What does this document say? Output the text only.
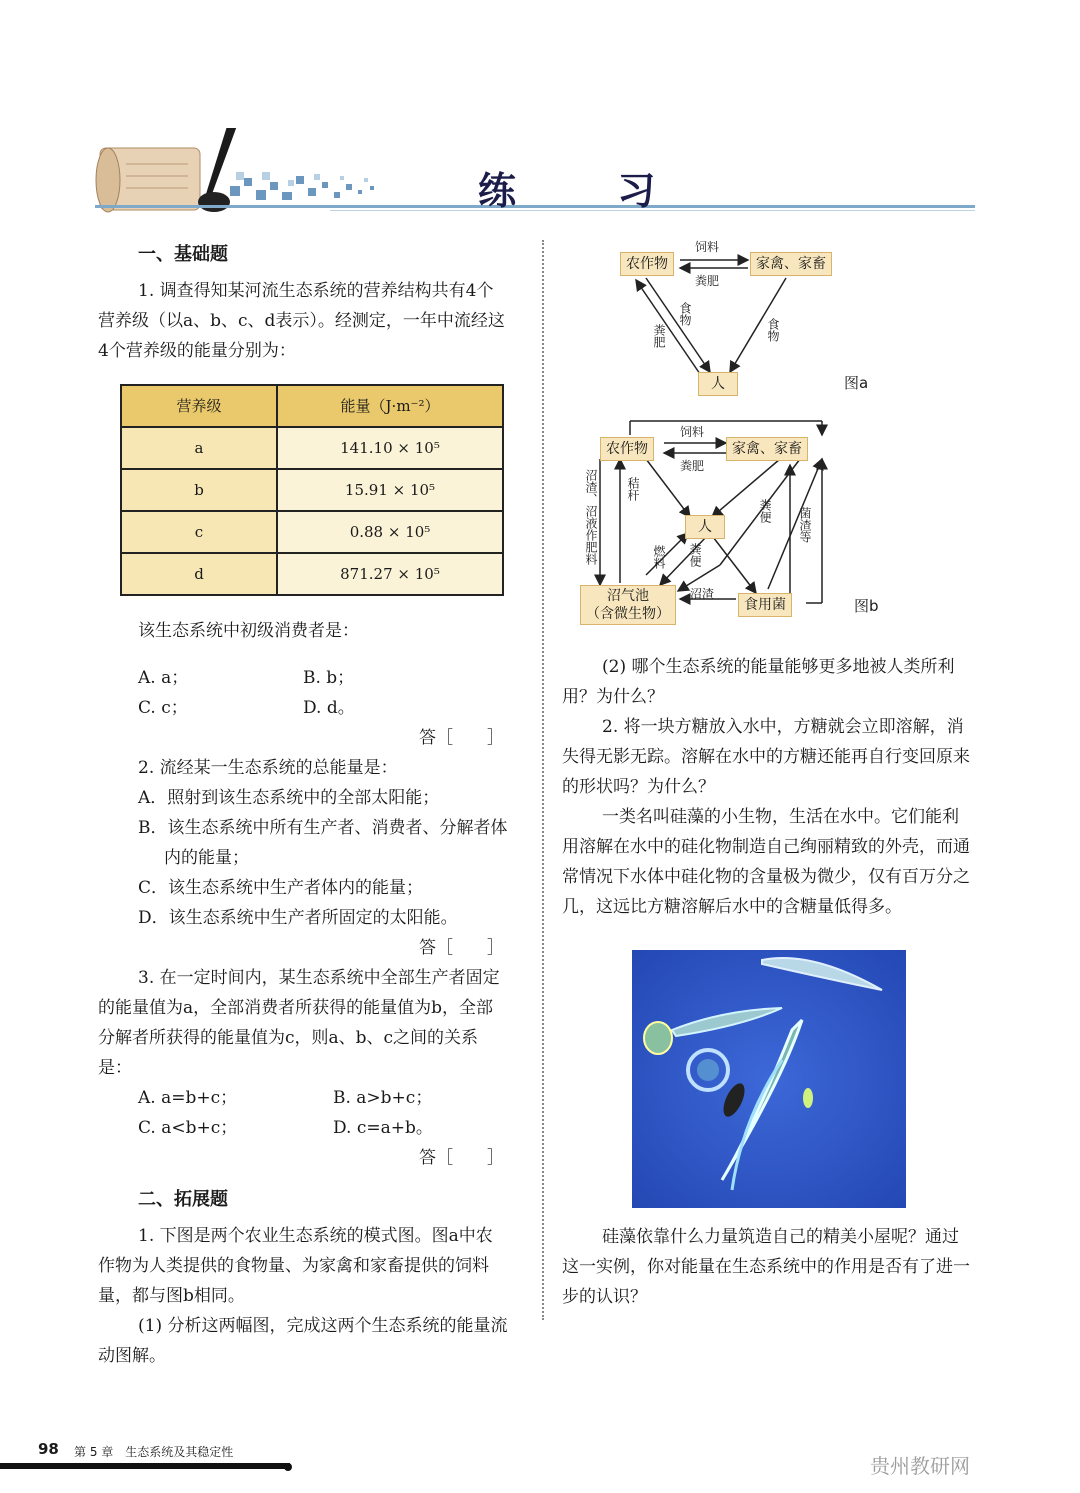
练 习
一、基础题

1. 调查得知某河流生态系统的营养结构共有4个营养级（以a、b、c、d表示）。经测定，一年中流经这4个营养级的能量分别为：

营养级	能量（J·m⁻²）
a	141.10 × 10⁵
b	15.91 × 10⁵
c	0.88 × 10⁵
d	871.27 × 10⁵

该生态系统中初级消费者是：

A. a；	B. b；
C. c；	D. d。
答［　　］

2. 流经某一生态系统的总能量是：

A．照射到该生态系统中的全部太阳能；

B．该生态系统中所有生产者、消费者、分解者体内的能量；

C．该生态系统中生产者体内的能量；

D．该生态系统中生产者所固定的太阳能。

答［　　］

3. 在一定时间内，某生态系统中全部生产者固定的能量值为a，全部消费者所获得的能量值为b，全部分解者所获得的能量值为c，则a、b、c之间的关系是：

A. a=b+c；	B. a>b+c；
C. a<b+c；	D. c=a+b。
答［　　］
二、拓展题

1. 下图是两个农业生态系统的模式图。图a中农作物为人类提供的食物量、为家禽和家畜提供的饲料量，都与图b相同。

(1) 分析这两幅图，完成这两个生态系统的能量流动图解。

农作物	家禽、家畜
人
饲料
粪肥
食物
粪肥	食物
图a
农作物	家禽、家畜
人
沼气池
（含微生物）
食用菌
饲料
粪肥
秸秆
沼渣、沼液作肥料	燃料 粪便
沼渣
粪便 菌渣等
图b

(2) 哪个生态系统的能量能够更多地被人类所利用？为什么？

2. 将一块方糖放入水中，方糖就会立即溶解，消失得无影无踪。溶解在水中的方糖还能再自行变回原来的形状吗？为什么？

一类名叫硅藻的小生物，生活在水中。它们能利用溶解在水中的硅化物制造自己绚丽精致的外壳，而通常情况下水体中硅化物的含量极为微少，仅有百万分之几，这远比方糖溶解后水中的含糖量低得多。

硅藻依靠什么力量筑造自己的精美小屋呢？通过这一实例，你对能量在生态系统中的作用是否有了进一步的认识？

98 第 5 章　生态系统及其稳定性
贵州教研网
